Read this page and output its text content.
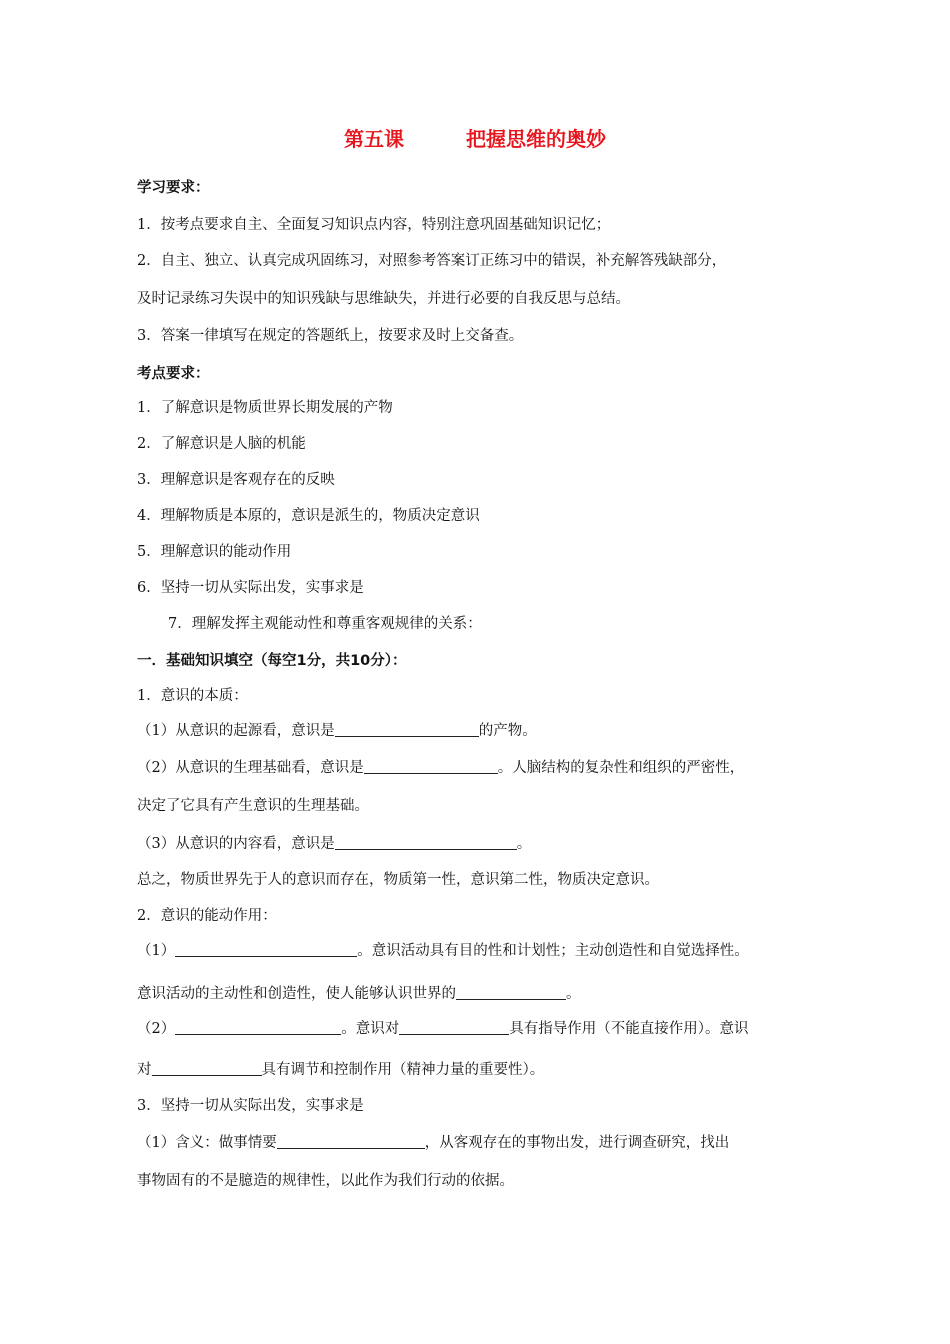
第五课	把握思维的奥妙
学习要求：
1．按考点要求自主、全面复习知识点内容，特别注意巩固基础知识记忆；
2．自主、独立、认真完成巩固练习，对照参考答案订正练习中的错误，补充解答残缺部分，
及时记录练习失误中的知识残缺与思维缺失，并进行必要的自我反思与总结。
3．答案一律填写在规定的答题纸上，按要求及时上交备查。
考点要求：
1．了解意识是物质世界长期发展的产物
2．了解意识是人脑的机能
3．理解意识是客观存在的反映
4．理解物质是本原的，意识是派生的，物质决定意识
5．理解意识的能动作用
6．坚持一切从实际出发，实事求是
7．理解发挥主观能动性和尊重客观规律的关系：
一．基础知识填空（每空1分，共10分）：
1．意识的本质：
（1）从意识的起源看，意识是	的产物。
（2）从意识的生理基础看，意识是	。人脑结构的复杂性和组织的严密性，
决定了它具有产生意识的生理基础。
（3）从意识的内容看，意识是	。
总之，物质世界先于人的意识而存在，物质第一性，意识第二性，物质决定意识。
2．意识的能动作用：
（1）	。意识活动具有目的性和计划性；主动创造性和自觉选择性。
意识活动的主动性和创造性，使人能够认识世界的	。
（2）	。意识对	具有指导作用（不能直接作用）。意识
对	具有调节和控制作用（精神力量的重要性）。
3．坚持一切从实际出发，实事求是
（1）含义：做事情要	，从客观存在的事物出发，进行调查研究，找出
事物固有的不是臆造的规律性，以此作为我们行动的依据。
